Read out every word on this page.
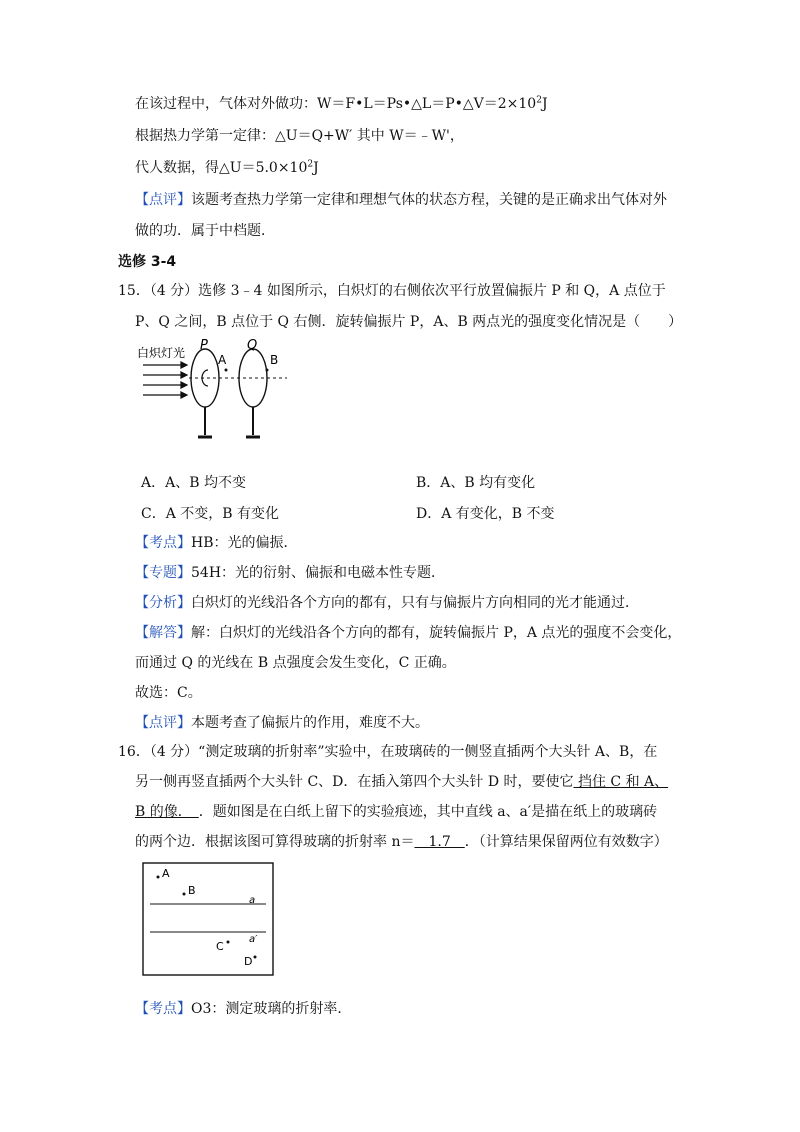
在该过程中，气体对外做功：$W=F•L=Ps•\triangle L=P•\triangle V=2\times 10^2J$
根据热力学第一定律：△U＝Q+W′ 其中 W＝﹣W'，
代人数据，得$\triangle U=5.0\times 10^2J$
【点评】该题考查热力学第一定律和理想气体的状态方程，关键的是正确求出气体对外
做的功．属于中档题．
选修 3-4
15．（4 分）选修 3﹣4 如图所示，白炽灯的右侧依次平行放置偏振片 P 和 Q，A 点位于
P、Q 之间，B 点位于 Q 右侧．旋转偏振片 P，A、B 两点光的强度变化情况是（　　）
白炽灯光 P	Q
A	B
A．A、B 均不变	B．A、B 均有变化
C．A 不变，B 有变化	D．A 有变化，B 不变
【考点】HB：光的偏振．
【专题】54H：光的衍射、偏振和电磁本性专题．
【分析】白炽灯的光线沿各个方向的都有，只有与偏振片方向相同的光才能通过．
【解答】解：白炽灯的光线沿各个方向的都有，旋转偏振片 P，A 点光的强度不会变化，
而通过 Q 的光线在 B 点强度会发生变化，C 正确。
故选：C。
【点评】本题考查了偏振片的作用，难度不大。
16．（4 分）“测定玻璃的折射率”实验中，在玻璃砖的一侧竖直插两个大头针 A、B，在
另一侧再竖直插两个大头针 C、D．在插入第四个大头针 D 时，要使它 挡住 C 和 A、
B 的像．　．题如图是在白纸上留下的实验痕迹，其中直线 a、a′是描在纸上的玻璃砖
的两个边．根据该图可算得玻璃的折射率 n＝　1.7　．（计算结果保留两位有效数字）
A
B
a
a′
C
D
【考点】O3：测定玻璃的折射率．
